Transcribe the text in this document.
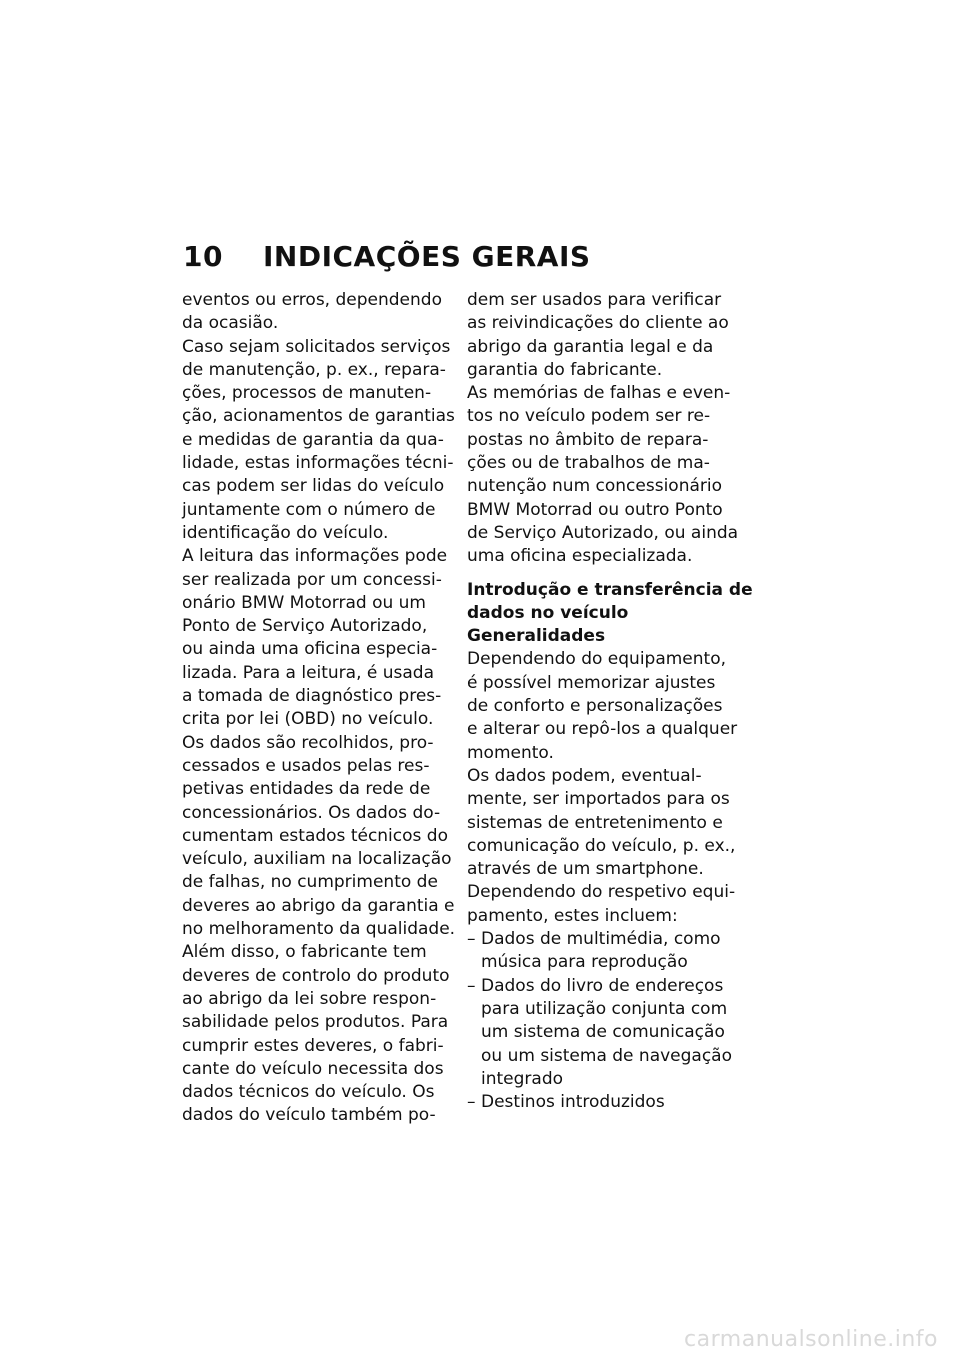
10	INDICAÇÕES GERAIS
eventos ou erros, dependendo
da ocasião.
Caso sejam solicitados serviços
de manutenção, p. ex., repara-
ções, processos de manuten-
ção, acionamentos de garantias
e medidas de garantia da qua-
lidade, estas informações técni-
cas podem ser lidas do veículo
juntamente com o número de
identificação do veículo.
A leitura das informações pode
ser realizada por um concessi-
onário BMW Motorrad ou um
Ponto de Serviço Autorizado,
ou ainda uma oficina especia-
lizada. Para a leitura, é usada
a tomada de diagnóstico pres-
crita por lei (OBD) no veículo.
Os dados são recolhidos, pro-
cessados e usados pelas res-
petivas entidades da rede de
concessionários. Os dados do-
cumentam estados técnicos do
veículo, auxiliam na localização
de falhas, no cumprimento de
deveres ao abrigo da garantia e
no melhoramento da qualidade.
Além disso, o fabricante tem
deveres de controlo do produto
ao abrigo da lei sobre respon-
sabilidade pelos produtos. Para
cumprir estes deveres, o fabri-
cante do veículo necessita dos
dados técnicos do veículo. Os
dados do veículo também po-
dem ser usados para verificar
as reivindicações do cliente ao
abrigo da garantia legal e da
garantia do fabricante.
As memórias de falhas e even-
tos no veículo podem ser re-
postas no âmbito de repara-
ções ou de trabalhos de ma-
nutenção num concessionário
BMW Motorrad ou outro Ponto
de Serviço Autorizado, ou ainda
uma oficina especializada.
Introdução e transferência de
dados no veículo
Generalidades
Dependendo do equipamento,
é possível memorizar ajustes
de conforto e personalizações
e alterar ou repô-los a qualquer
momento.
Os dados podem, eventual-
mente, ser importados para os
sistemas de entretenimento e
comunicação do veículo, p. ex.,
através de um smartphone.
Dependendo do respetivo equi-
pamento, estes incluem:
– Dados de multimédia, como
música para reprodução
– Dados do livro de endereços
para utilização conjunta com
um sistema de comunicação
ou um sistema de navegação
integrado
– Destinos introduzidos
carmanualsonline.info
